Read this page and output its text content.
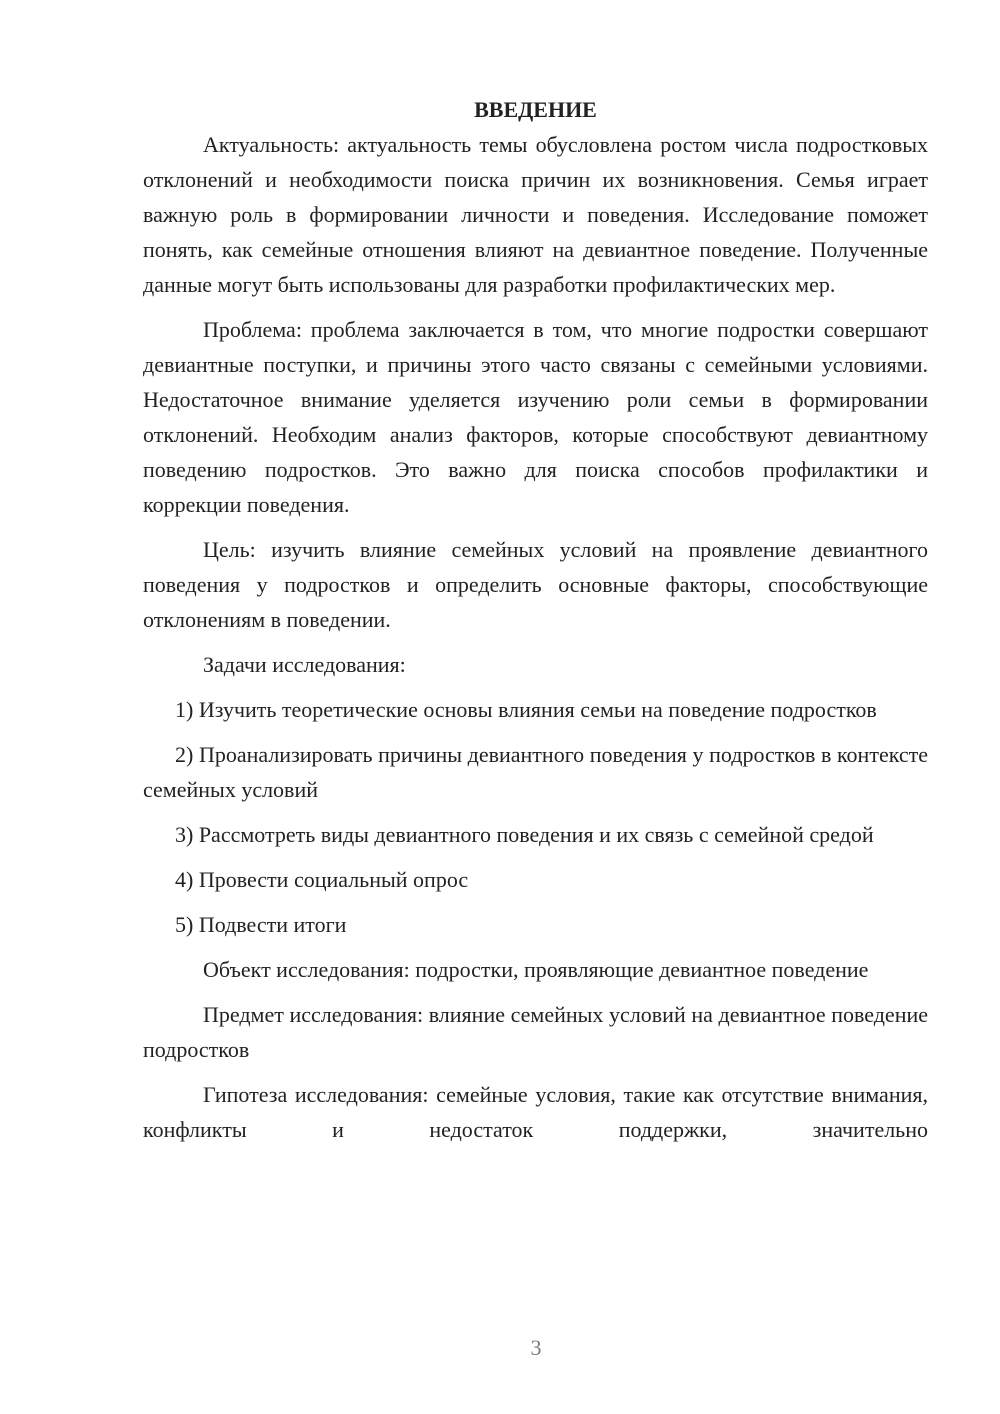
ВВЕДЕНИЕ

Актуальность: актуальность темы обусловлена ростом числа подростковых отклонений и необходимости поиска причин их возникновения. Семья играет важную роль в формировании личности и поведения. Исследование поможет понять, как семейные отношения влияют на девиантное поведение. Полученные данные могут быть использованы для разработки профилактических мер.

Проблема: проблема заключается в том, что многие подростки совершают девиантные поступки, и причины этого часто связаны с семейными условиями. Недостаточное внимание уделяется изучению роли семьи в формировании отклонений. Необходим анализ факторов, которые способствуют девиантному поведению подростков. Это важно для поиска способов профилактики и коррекции поведения.

Цель: изучить влияние семейных условий на проявление девиантного поведения у подростков и определить основные факторы, способствующие отклонениям в поведении.

Задачи исследования:

1) Изучить теоретические основы влияния семьи на поведение подростков

2) Проанализировать причины девиантного поведения у подростков в контексте семейных условий

3) Рассмотреть виды девиантного поведения и их связь с семейной средой

4) Провести социальный опрос

5) Подвести итоги

Объект исследования: подростки, проявляющие девиантное поведение

Предмет исследования: влияние семейных условий на девиантное поведение подростков

Гипотеза исследования: семейные условия, такие как отсутствие внимания, конфликты и недостаток поддержки, значительно

3
